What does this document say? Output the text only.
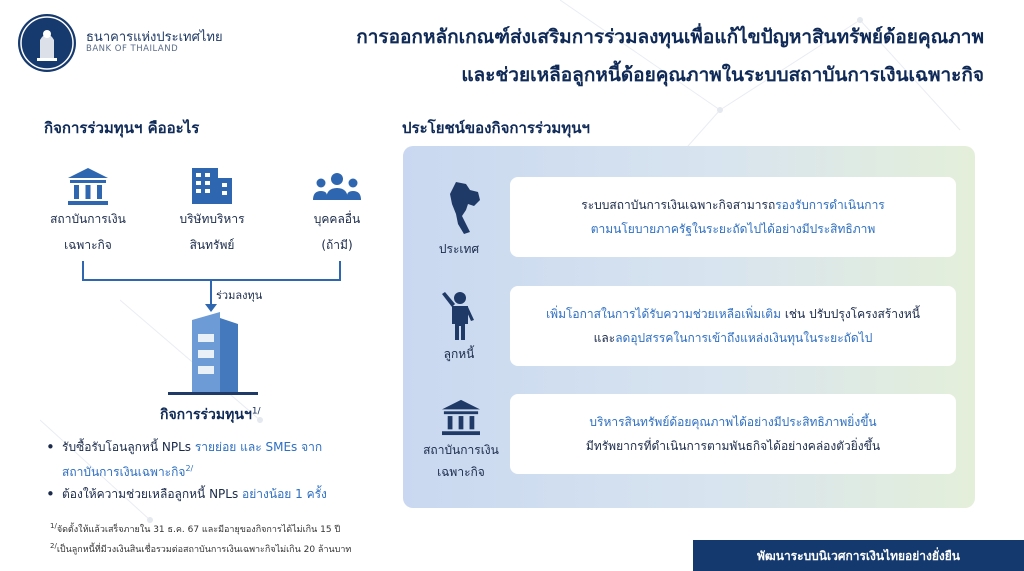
ธนาคารแห่งประเทศไทย
BANK OF THAILAND
การออกหลักเกณฑ์ส่งเสริมการร่วมลงทุนเพื่อแก้ไขปัญหาสินทรัพย์ด้อยคุณภาพ
และช่วยเหลือลูกหนี้ด้อยคุณภาพในระบบสถาบันการเงินเฉพาะกิจ
กิจการร่วมทุนฯ คืออะไร
สถาบันการเงิน
เฉพาะกิจ
บริษัทบริหาร
สินทรัพย์
บุคคลอื่น
(ถ้ามี)
ร่วมลงทุน
กิจการร่วมทุนฯ$^{1/}$
• รับซื้อรับโอนลูกหนี้ NPLs รายย่อย และ SMEs จาก
สถาบันการเงินเฉพาะกิจ$^{2/}$
• ต้องให้ความช่วยเหลือลูกหนี้ NPLs อย่างน้อย 1 ครั้ง
$^{1/}$จัดตั้งให้แล้วเสร็จภายใน 31 ธ.ค. 67 และมีอายุของกิจการได้ไม่เกิน 15 ปี
$^{2/}$เป็นลูกหนี้ที่มีวงเงินสินเชื่อรวมต่อสถาบันการเงินเฉพาะกิจไม่เกิน 20 ล้านบาท
ประโยชน์ของกิจการร่วมทุนฯ
ประเทศ
ระบบสถาบันการเงินเฉพาะกิจสามารถรองรับการดำเนินการ
ตามนโยบายภาครัฐในระยะถัดไปได้อย่างมีประสิทธิภาพ
ลูกหนี้
เพิ่มโอกาสในการได้รับความช่วยเหลือเพิ่มเติม เช่น ปรับปรุงโครงสร้างหนี้
และลดอุปสรรคในการเข้าถึงแหล่งเงินทุนในระยะถัดไป
สถาบันการเงิน
เฉพาะกิจ
บริหารสินทรัพย์ด้อยคุณภาพได้อย่างมีประสิทธิภาพยิ่งขึ้น
มีทรัพยากรที่ดำเนินการตามพันธกิจได้อย่างคล่องตัวยิ่งขึ้น
พัฒนาระบบนิเวศการเงินไทยอย่างยั่งยืน
